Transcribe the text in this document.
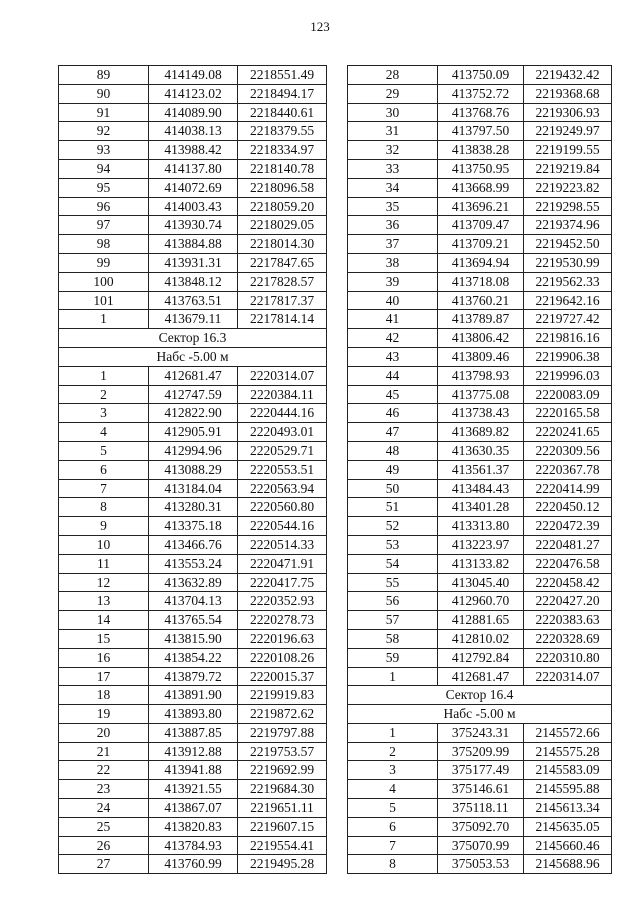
123
89	414149.08	2218551.49
90	414123.02	2218494.17
91	414089.90	2218440.61
92	414038.13	2218379.55
93	413988.42	2218334.97
94	414137.80	2218140.78
95	414072.69	2218096.58
96	414003.43	2218059.20
97	413930.74	2218029.05
98	413884.88	2218014.30
99	413931.31	2217847.65
100	413848.12	2217828.57
101	413763.51	2217817.37
1	413679.11	2217814.14
Сектор 16.3		
Набс -5.00 м		
1	412681.47	2220314.07
2	412747.59	2220384.11
3	412822.90	2220444.16
4	412905.91	2220493.01
5	412994.96	2220529.71
6	413088.29	2220553.51
7	413184.04	2220563.94
8	413280.31	2220560.80
9	413375.18	2220544.16
10	413466.76	2220514.33
11	413553.24	2220471.91
12	413632.89	2220417.75
13	413704.13	2220352.93
14	413765.54	2220278.73
15	413815.90	2220196.63
16	413854.22	2220108.26
17	413879.72	2220015.37
18	413891.90	2219919.83
19	413893.80	2219872.62
20	413887.85	2219797.88
21	413912.88	2219753.57
22	413941.88	2219692.99
23	413921.55	2219684.30
24	413867.07	2219651.11
25	413820.83	2219607.15
26	413784.93	2219554.41
27	413760.99	2219495.28
28	413750.09	2219432.42
29	413752.72	2219368.68
30	413768.76	2219306.93
31	413797.50	2219249.97
32	413838.28	2219199.55
33	413750.95	2219219.84
34	413668.99	2219223.82
35	413696.21	2219298.55
36	413709.47	2219374.96
37	413709.21	2219452.50
38	413694.94	2219530.99
39	413718.08	2219562.33
40	413760.21	2219642.16
41	413789.87	2219727.42
42	413806.42	2219816.16
43	413809.46	2219906.38
44	413798.93	2219996.03
45	413775.08	2220083.09
46	413738.43	2220165.58
47	413689.82	2220241.65
48	413630.35	2220309.56
49	413561.37	2220367.78
50	413484.43	2220414.99
51	413401.28	2220450.12
52	413313.80	2220472.39
53	413223.97	2220481.27
54	413133.82	2220476.58
55	413045.40	2220458.42
56	412960.70	2220427.20
57	412881.65	2220383.63
58	412810.02	2220328.69
59	412792.84	2220310.80
1	412681.47	2220314.07
Сектор 16.4		
Набс -5.00 м		
1	375243.31	2145572.66
2	375209.99	2145575.28
3	375177.49	2145583.09
4	375146.61	2145595.88
5	375118.11	2145613.34
6	375092.70	2145635.05
7	375070.99	2145660.46
8	375053.53	2145688.96
